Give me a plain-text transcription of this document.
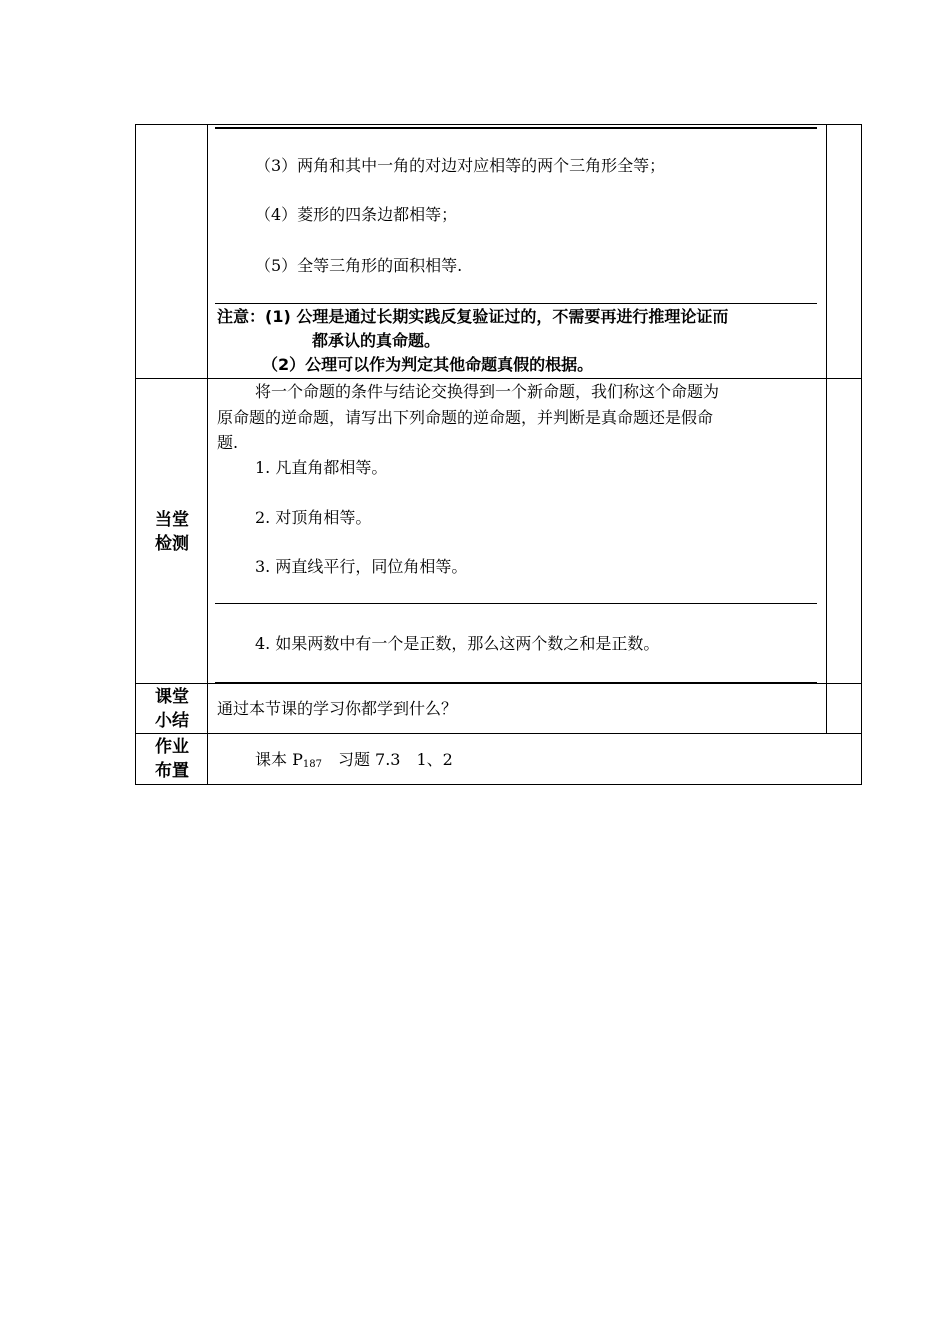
（3）两角和其中一角的对边对应相等的两个三角形全等；
（4）菱形的四条边都相等；
（5）全等三角形的面积相等.
注意：(1) 公理是通过长期实践反复验证过的，不需要再进行推理论证而
都承认的真命题。
（2）公理可以作为判定其他命题真假的根据。
当堂
检测
将一个命题的条件与结论交换得到一个新命题，我们称这个命题为
原命题的逆命题，请写出下列命题的逆命题，并判断是真命题还是假命
题.
1. 凡直角都相等。
2. 对顶角相等。
3. 两直线平行，同位角相等。
4. 如果两数中有一个是正数，那么这两个数之和是正数。
课堂
小结
通过本节课的学习你都学到什么？
作业
布置
课本 $P_{187}$　习题 7.3　1、2
